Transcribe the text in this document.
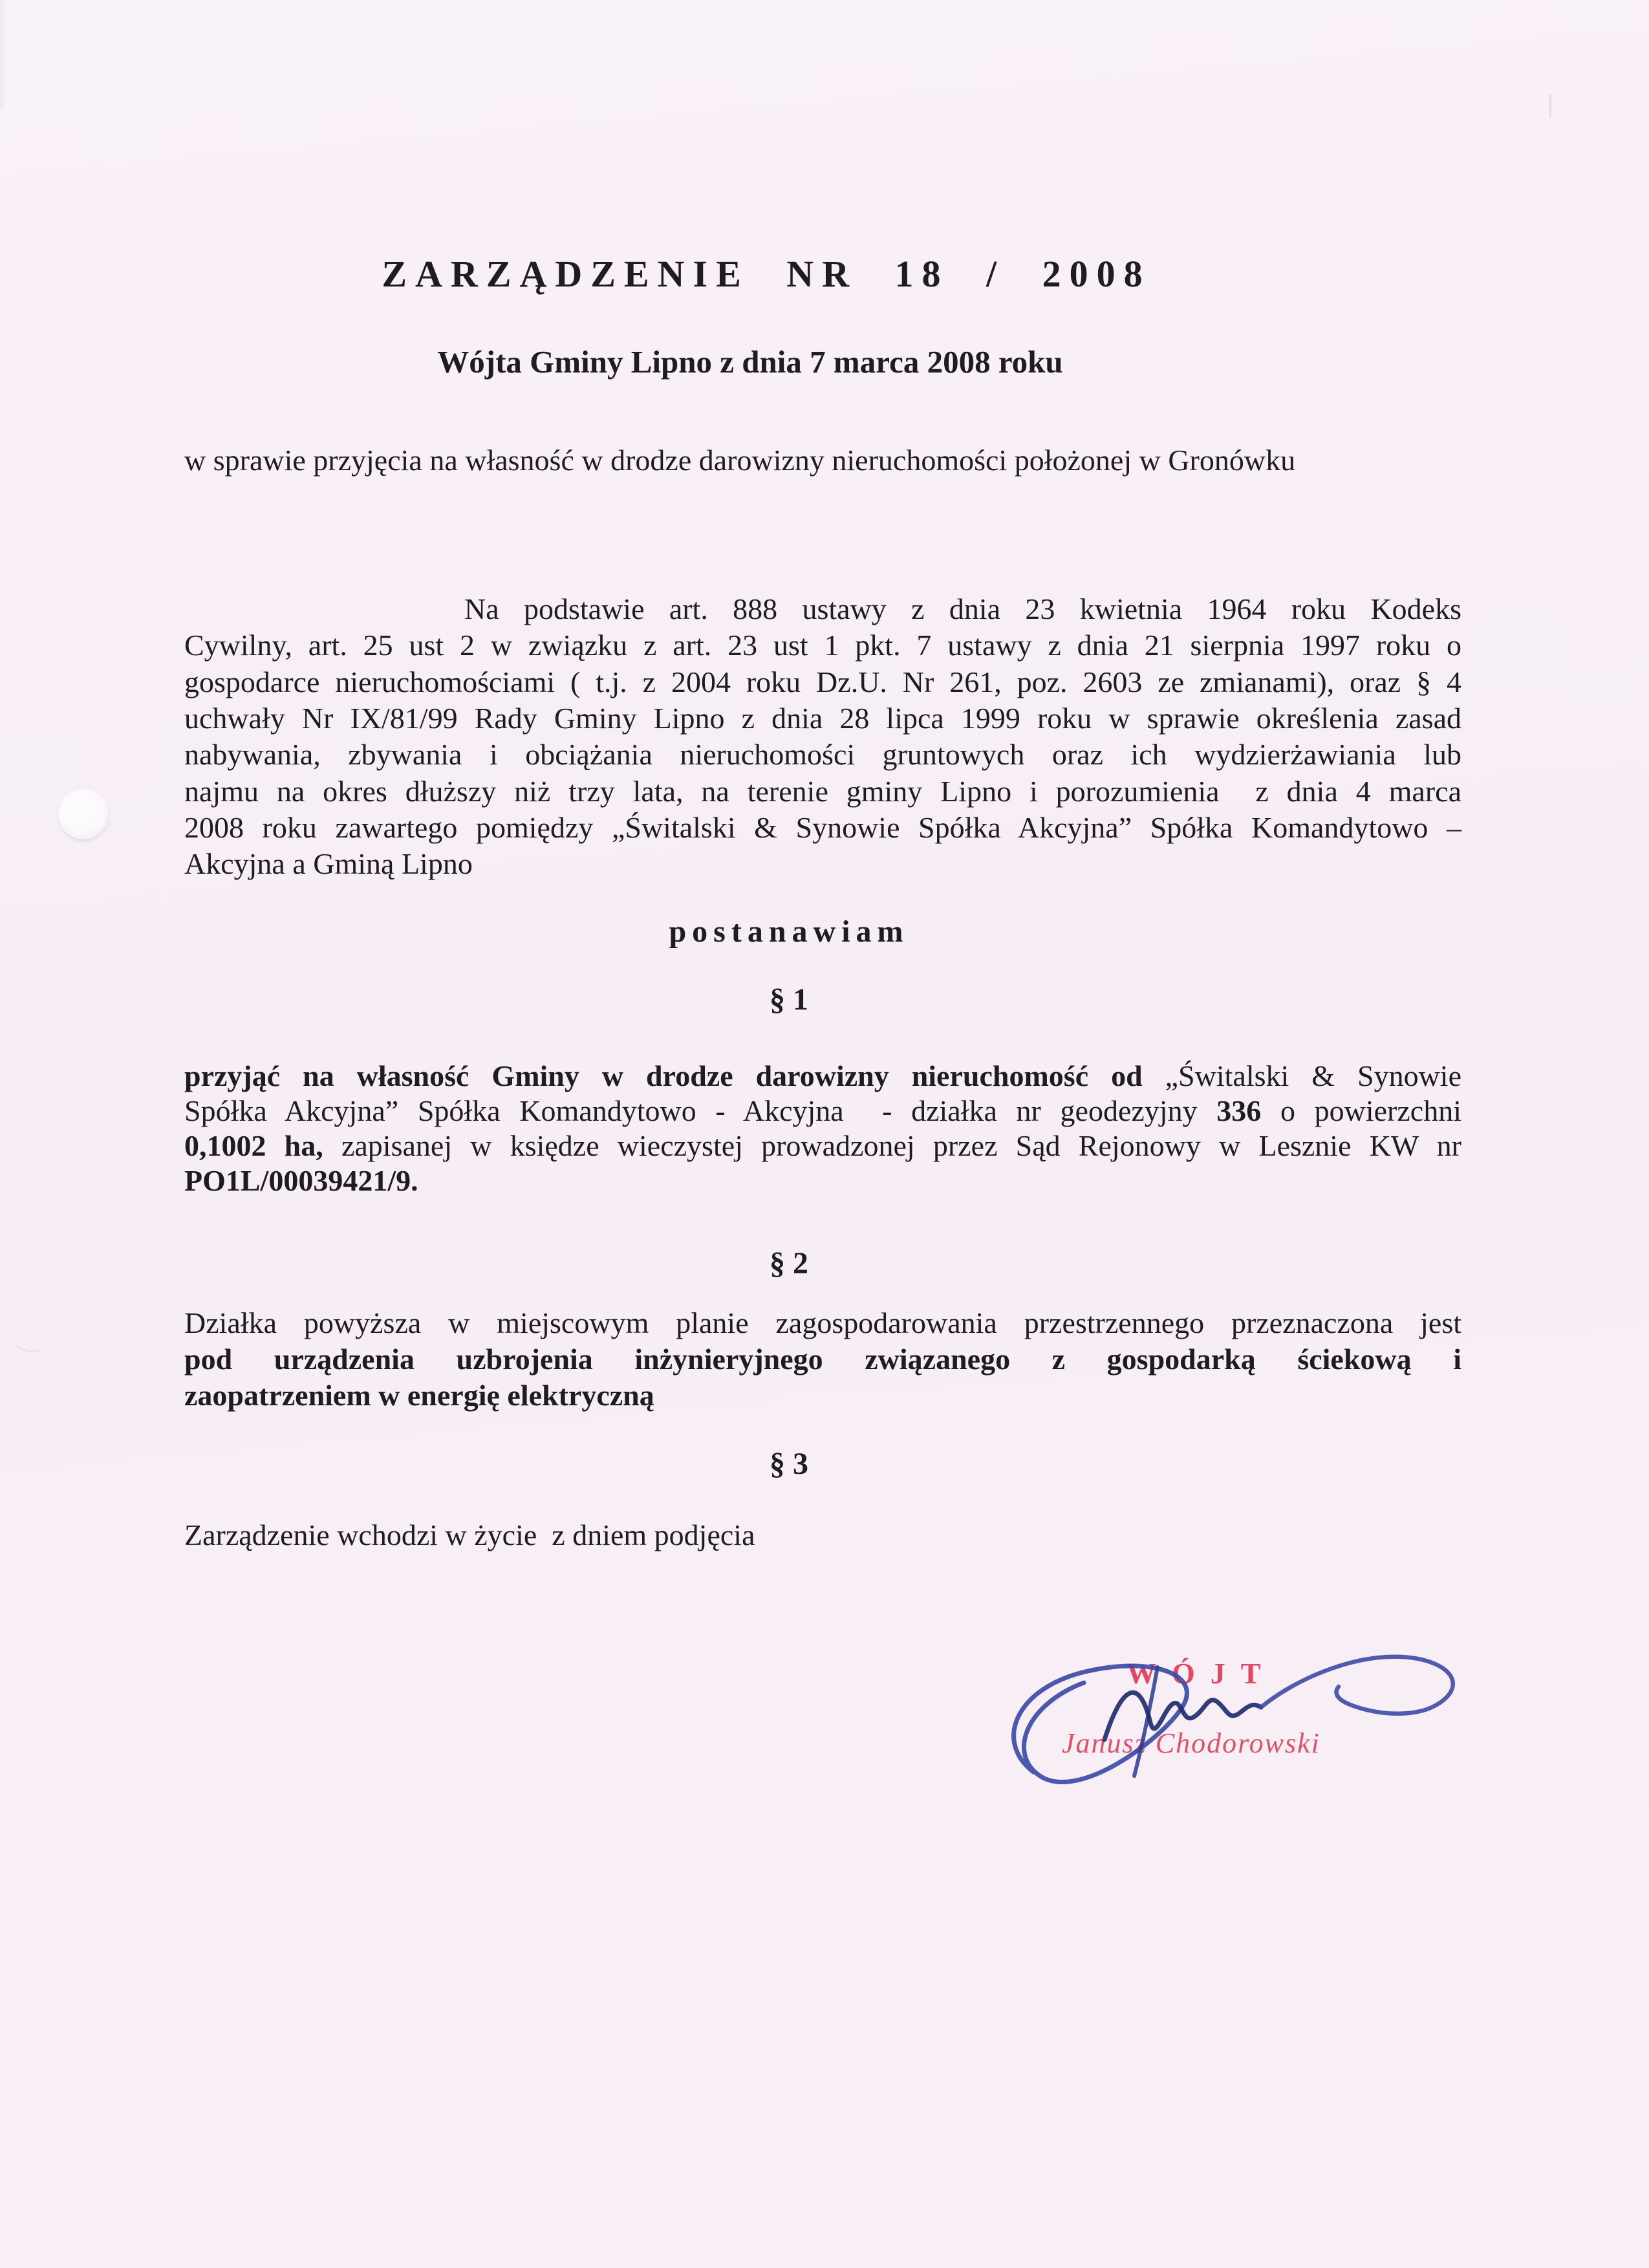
ZARZĄDZENIE NR 18 / 2008
Wójta Gminy Lipno z dnia 7 marca 2008 roku
w sprawie przyjęcia na własność w drodze darowizny nieruchomości położonej w Gronówku
Na podstawie art. 888 ustawy z dnia 23 kwietnia 1964 roku Kodeks
Cywilny, art. 25 ust 2 w związku z art. 23 ust 1 pkt. 7 ustawy z dnia 21 sierpnia 1997 roku o
gospodarce nieruchomościami ( t.j. z 2004 roku Dz.U. Nr 261, poz. 2603 ze zmianami), oraz § 4
uchwały Nr IX/81/99 Rady Gminy Lipno z dnia 28 lipca 1999 roku w sprawie określenia zasad
nabywania, zbywania i obciążania nieruchomości gruntowych oraz ich wydzierżawiania lub
najmu na okres dłuższy niż trzy lata, na terenie gminy Lipno i porozumienia  z dnia 4 marca
2008 roku zawartego pomiędzy „Świtalski & Synowie Spółka Akcyjna” Spółka Komandytowo –
Akcyjna a Gminą Lipno
postanawiam
§ 1
przyjąć na własność Gminy w drodze darowizny nieruchomość od „Świtalski & Synowie
Spółka Akcyjna” Spółka Komandytowo - Akcyjna  - działka nr geodezyjny 336 o powierzchni
0,1002 ha, zapisanej w księdze wieczystej prowadzonej przez Sąd Rejonowy w Lesznie KW nr
PO1L/00039421/9.
§ 2
Działka powyższa w miejscowym planie zagospodarowania przestrzennego przeznaczona jest
pod urządzenia uzbrojenia inżynieryjnego związanego z gospodarką ściekową i
zaopatrzeniem w energię elektryczną
§ 3
Zarządzenie wchodzi w życie  z dniem podjęcia
WÓJT
Janusz Chodorowski
